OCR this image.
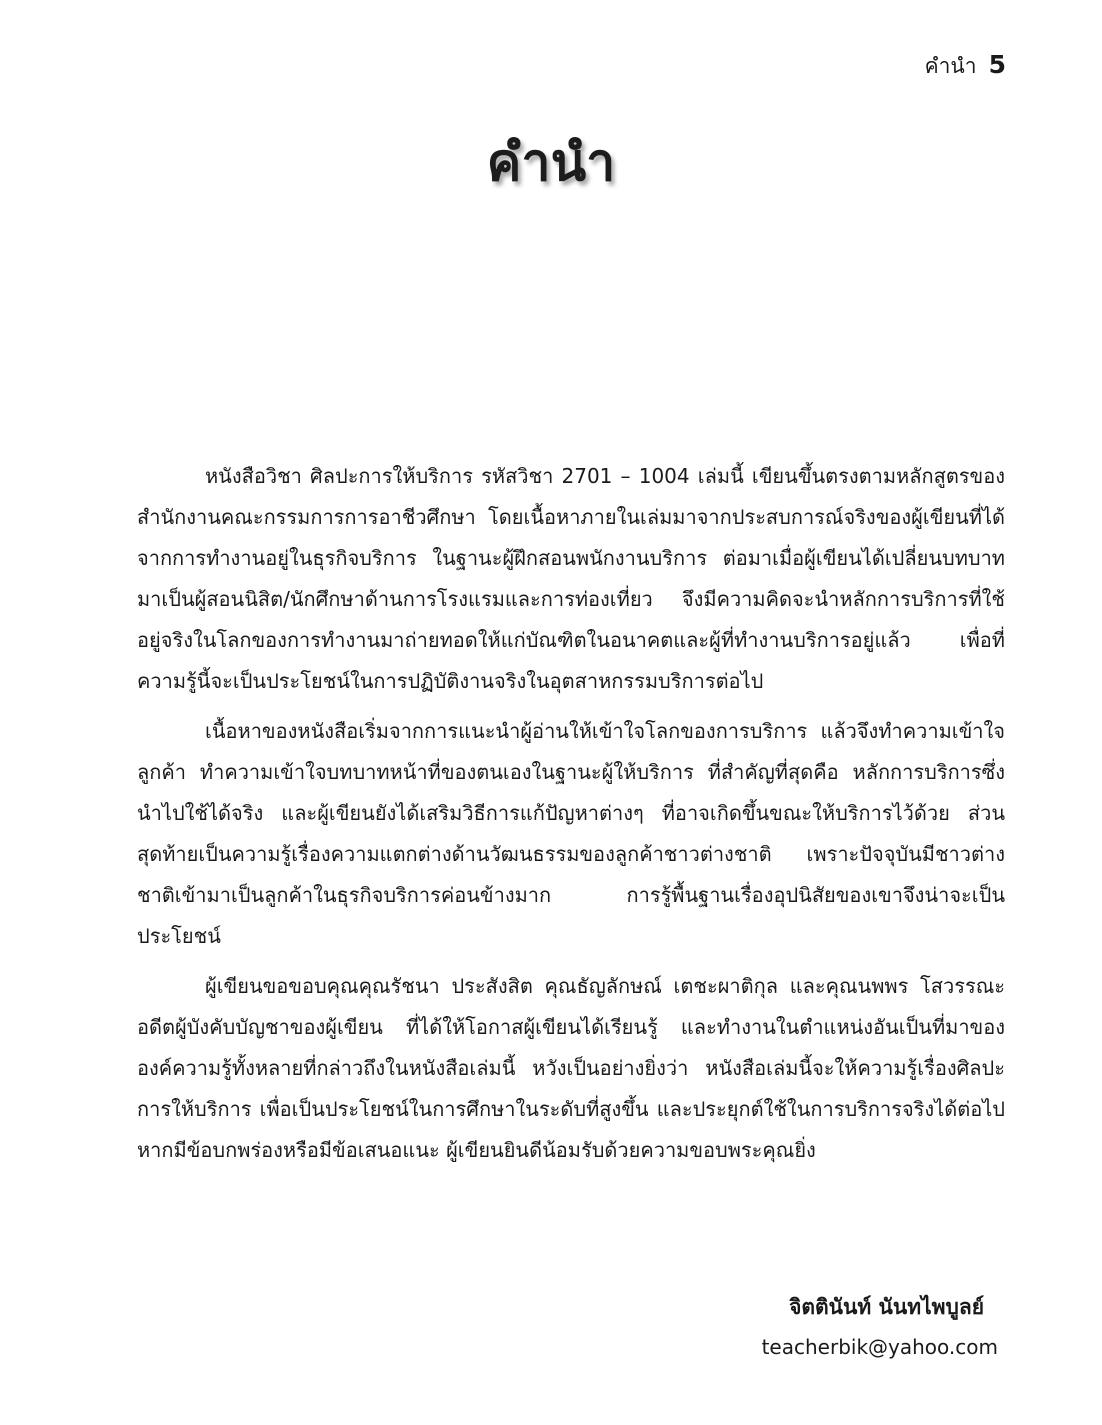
คำนำ 5
คำนำ

หนังสือวิชา ศิลปะการให้บริการ รหัสวิชา 2701 – 1004 เล่มนี้ เขียนขึ้นตรงตามหลักสูตรของสำนักงานคณะกรรมการการอาชีวศึกษา โดยเนื้อหาภายในเล่มมาจากประสบการณ์จริงของผู้เขียนที่ได้จากการทำงานอยู่ในธุรกิจบริการ ในฐานะผู้ฝึกสอนพนักงานบริการ ต่อมาเมื่อผู้เขียนได้เปลี่ยนบทบาทมาเป็นผู้สอนนิสิต/นักศึกษาด้านการโรงแรมและการท่องเที่ยว จึงมีความคิดจะนำหลักการบริการที่ใช้อยู่จริงในโลกของการทำงานมาถ่ายทอดให้แก่บัณฑิตในอนาคตและผู้ที่ทำงานบริการอยู่แล้ว เพื่อที่ความรู้นี้จะเป็นประโยชน์ในการปฏิบัติงานจริงในอุตสาหกรรมบริการต่อไป

เนื้อหาของหนังสือเริ่มจากการแนะนำผู้อ่านให้เข้าใจโลกของการบริการ แล้วจึงทำความเข้าใจลูกค้า ทำความเข้าใจบทบาทหน้าที่ของตนเองในฐานะผู้ให้บริการ ที่สำคัญที่สุดคือ หลักการบริการซึ่งนำไปใช้ได้จริง และผู้เขียนยังได้เสริมวิธีการแก้ปัญหาต่างๆ ที่อาจเกิดขึ้นขณะให้บริการไว้ด้วย ส่วนสุดท้ายเป็นความรู้เรื่องความแตกต่างด้านวัฒนธรรมของลูกค้าชาวต่างชาติ เพราะปัจจุบันมีชาวต่างชาติเข้ามาเป็นลูกค้าในธุรกิจบริการค่อนข้างมาก การรู้พื้นฐานเรื่องอุปนิสัยของเขาจึงน่าจะเป็นประโยชน์

ผู้เขียนขอขอบคุณคุณรัชนา ประสังสิต คุณธัญลักษณ์ เตชะผาติกุล และคุณนพพร โสวรรณะ อดีตผู้บังคับบัญชาของผู้เขียน ที่ได้ให้โอกาสผู้เขียนได้เรียนรู้ และทำงานในตำแหน่งอันเป็นที่มาขององค์ความรู้ทั้งหลายที่กล่าวถึงในหนังสือเล่มนี้ หวังเป็นอย่างยิ่งว่า หนังสือเล่มนี้จะให้ความรู้เรื่องศิลปะการให้บริการ เพื่อเป็นประโยชน์ในการศึกษาในระดับที่สูงขึ้น และประยุกต์ใช้ในการบริการจริงได้ต่อไป หากมีข้อบกพร่องหรือมีข้อเสนอแนะ ผู้เขียนยินดีน้อมรับด้วยความขอบพระคุณยิ่ง

จิตตินันท์ นันทไพบูลย์
teacherbik@yahoo.com
